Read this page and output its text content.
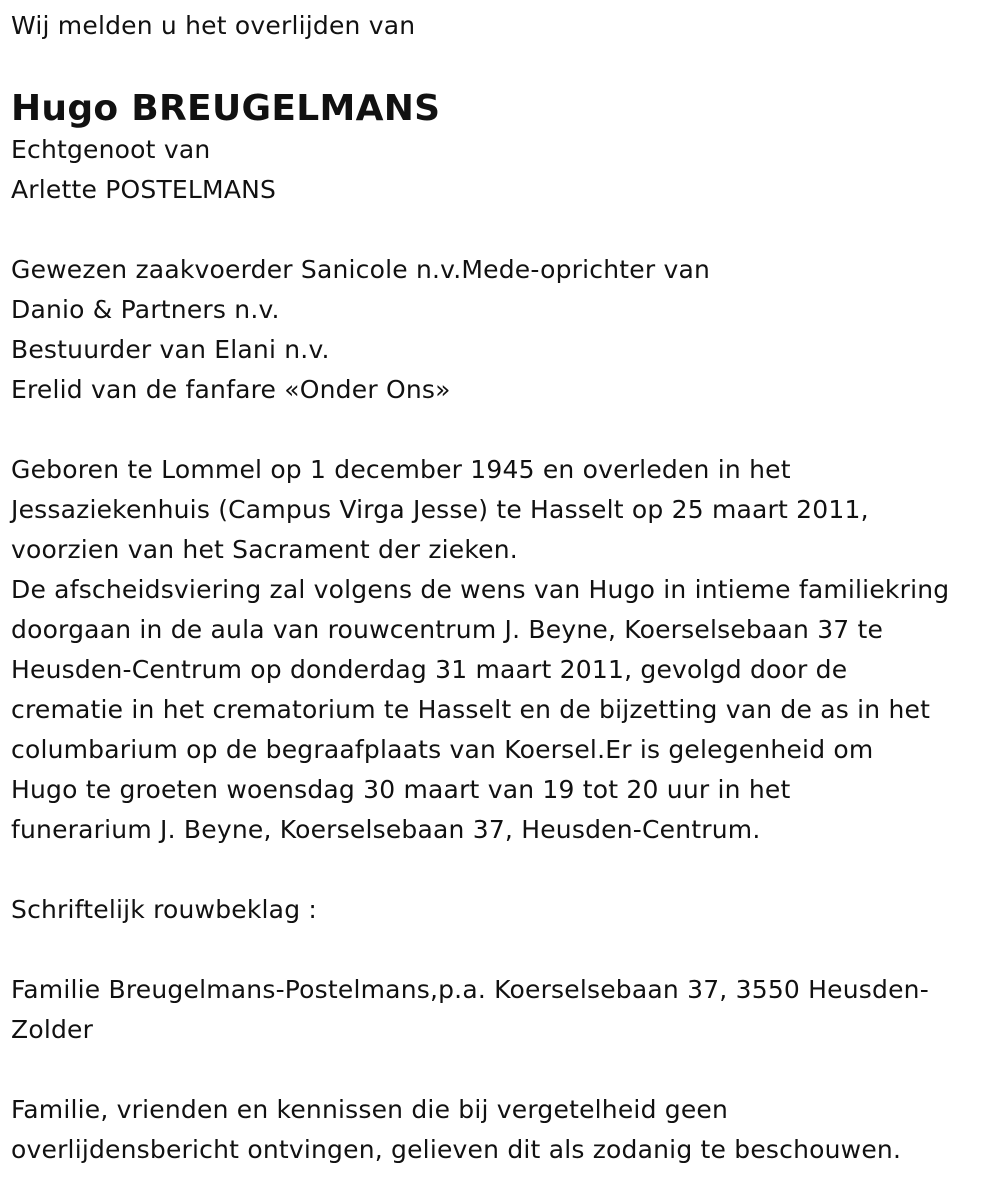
Wij melden u het overlijden van
Hugo BREUGELMANS
Echtgenoot van
Arlette POSTELMANS
Gewezen zaakvoerder Sanicole n.v.Mede-oprichter van
Danio & Partners n.v.
Bestuurder van Elani n.v.
Erelid van de fanfare «Onder Ons»
Geboren te Lommel op 1 december 1945 en overleden in het
Jessaziekenhuis (Campus Virga Jesse) te Hasselt op 25 maart 2011,
voorzien van het Sacrament der zieken.
De afscheidsviering zal volgens de wens van Hugo in intieme familiekring
doorgaan in de aula van rouwcentrum J. Beyne, Koerselsebaan 37 te
Heusden-Centrum op donderdag 31 maart 2011, gevolgd door de
crematie in het crematorium te Hasselt en de bijzetting van de as in het
columbarium op de begraafplaats van Koersel.Er is gelegenheid om
Hugo te groeten woensdag 30 maart van 19 tot 20 uur in het
funerarium J. Beyne, Koerselsebaan 37, Heusden-Centrum.
Schriftelijk rouwbeklag :
Familie Breugelmans-Postelmans,p.a. Koerselsebaan 37, 3550 Heusden-
Zolder
Familie, vrienden en kennissen die bij vergetelheid geen
overlijdensbericht ontvingen, gelieven dit als zodanig te beschouwen.
